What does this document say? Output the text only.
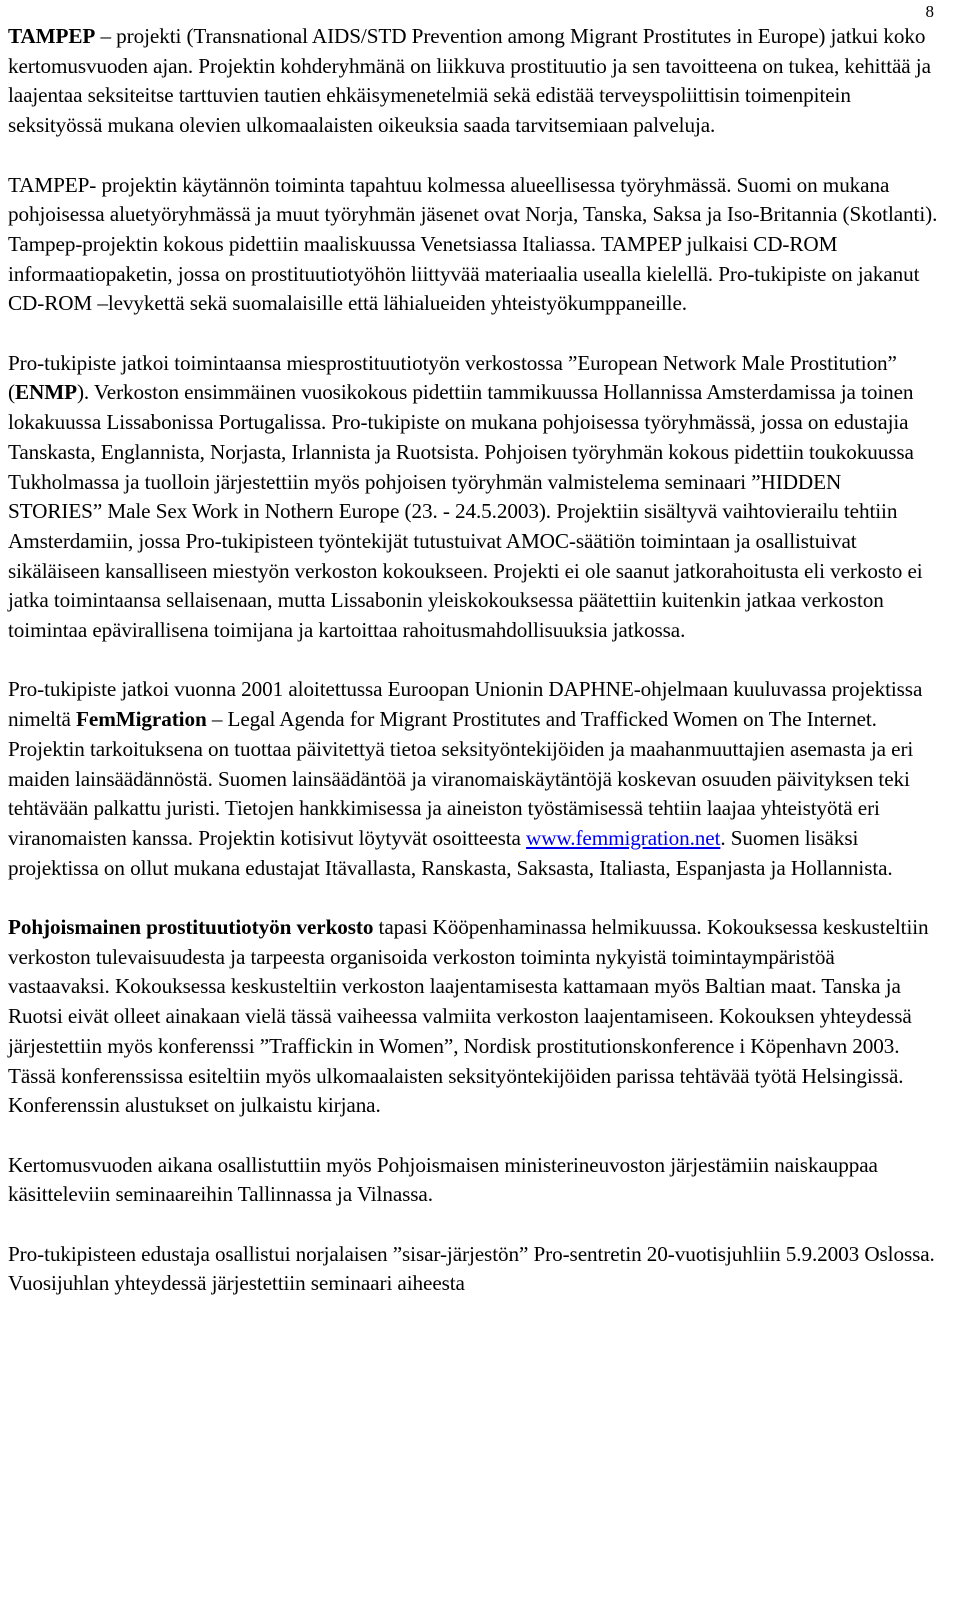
8

TAMPEP – projekti (Transnational AIDS/STD Prevention among Migrant Prostitutes in Europe) jatkui koko kertomusvuoden ajan. Projektin kohderyhmänä on liikkuva prostituutio ja sen tavoitteena on tukea, kehittää ja laajentaa seksiteitse tarttuvien tautien ehkäisymenetelmiä sekä edistää terveyspoliittisin toimenpitein seksityössä mukana olevien ulkomaalaisten oikeuksia saada tarvitsemiaan palveluja.

TAMPEP- projektin käytännön toiminta tapahtuu kolmessa alueellisessa työryhmässä. Suomi on mukana pohjoisessa aluetyöryhmässä ja muut työryhmän jäsenet ovat Norja, Tanska, Saksa ja Iso-Britannia (Skotlanti). Tampep-projektin kokous pidettiin maaliskuussa Venetsiassa Italiassa. TAMPEP julkaisi CD-ROM informaatiopaketin, jossa on prostituutiotyöhön liittyvää materiaalia usealla kielellä. Pro-tukipiste on jakanut CD-ROM –levykettä sekä suomalaisille että lähialueiden yhteistyökumppaneille.

Pro-tukipiste jatkoi toimintaansa miesprostituutiotyön verkostossa ”European Network Male Prostitution” (ENMP). Verkoston ensimmäinen vuosikokous pidettiin tammikuussa Hollannissa Amsterdamissa ja toinen lokakuussa Lissabonissa Portugalissa. Pro-tukipiste on mukana pohjoisessa työryhmässä, jossa on edustajia Tanskasta, Englannista, Norjasta, Irlannista ja Ruotsista. Pohjoisen työryhmän kokous pidettiin toukokuussa Tukholmassa ja tuolloin järjestettiin myös pohjoisen työryhmän valmistelema seminaari ”HIDDEN STORIES” Male Sex Work in Nothern Europe (23. - 24.5.2003). Projektiin sisältyvä vaihtovierailu tehtiin Amsterdamiin, jossa Pro-tukipisteen työntekijät tutustuivat AMOC-säätiön toimintaan ja osallistuivat sikäläiseen kansalliseen miestyön verkoston kokoukseen. Projekti ei ole saanut jatkorahoitusta eli verkosto ei jatka toimintaansa sellaisenaan, mutta Lissabonin yleiskokouksessa päätettiin kuitenkin jatkaa verkoston toimintaa epävirallisena toimijana ja kartoittaa rahoitusmahdollisuuksia jatkossa.

Pro-tukipiste jatkoi vuonna 2001 aloitettussa Euroopan Unionin DAPHNE-ohjelmaan kuuluvassa projektissa nimeltä FemMigration – Legal Agenda for Migrant Prostitutes and Trafficked Women on The Internet. Projektin tarkoituksena on tuottaa päivitettyä tietoa seksityöntekijöiden ja maahanmuuttajien asemasta ja eri maiden lainsäädännöstä. Suomen lainsäädäntöä ja viranomaiskäytäntöjä koskevan osuuden päivityksen teki tehtävään palkattu juristi. Tietojen hankkimisessa ja aineiston työstämisessä tehtiin laajaa yhteistyötä eri viranomaisten kanssa. Projektin kotisivut löytyvät osoitteesta www.femmigration.net. Suomen lisäksi projektissa on ollut mukana edustajat Itävallasta, Ranskasta, Saksasta, Italiasta, Espanjasta ja Hollannista.

Pohjoismainen prostituutiotyön verkosto tapasi Kööpenhaminassa helmikuussa. Kokouksessa keskusteltiin verkoston tulevaisuudesta ja tarpeesta organisoida verkoston toiminta nykyistä toimintaympäristöä vastaavaksi. Kokouksessa keskusteltiin verkoston laajentamisesta kattamaan myös Baltian maat. Tanska ja Ruotsi eivät olleet ainakaan vielä tässä vaiheessa valmiita verkoston laajentamiseen. Kokouksen yhteydessä järjestettiin myös konferenssi ”Traffickin in Women”, Nordisk prostitutionskonference i Köpenhavn 2003. Tässä konferenssissa esiteltiin myös ulkomaalaisten seksityöntekijöiden parissa tehtävää työtä Helsingissä. Konferenssin alustukset on julkaistu kirjana.

Kertomusvuoden aikana osallistuttiin myös Pohjoismaisen ministerineuvoston järjestämiin naiskauppaa käsitteleviin seminaareihin Tallinnassa ja Vilnassa.

Pro-tukipisteen edustaja osallistui norjalaisen ”sisar-järjestön” Pro-sentretin 20-vuotisjuhliin 5.9.2003 Oslossa. Vuosijuhlan yhteydessä järjestettiin seminaari aiheesta
